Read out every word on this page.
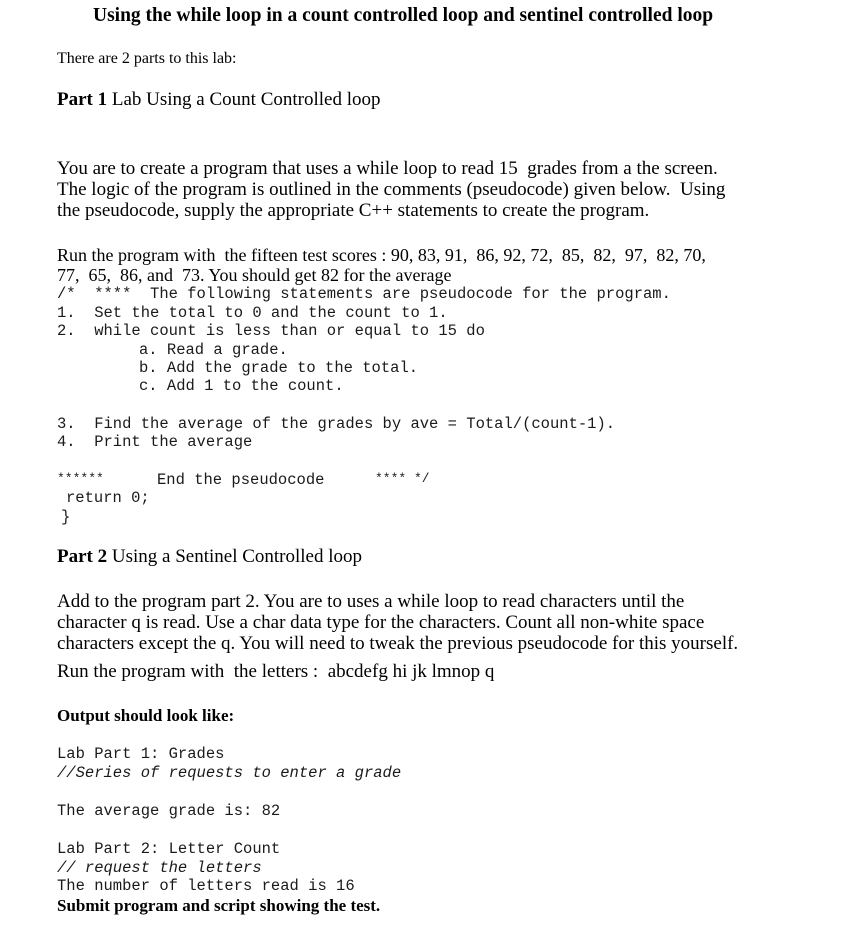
Using the while loop in a count controlled loop and sentinel controlled loop
There are 2 parts to this lab:
Part 1 Lab Using a Count Controlled loop

You are to create a program that uses a while loop to read 15  grades from a the screen.
The logic of the program is outlined in the comments (pseudocode) given below.  Using
the pseudocode, supply the appropriate C++ statements to create the program.

Run the program with  the fifteen test scores : 90, 83, 91,  86, 92, 72,  85,  82,  97,  82, 70,
77,  65,  86, and  73. You should get 82 for the average

/*  ****  The following statements are pseudocode for the program.
1.  Set the total to 0 and the count to 1.
2.  while count is less than or equal to 15 do
a. Read a grade.
b. Add the grade to the total.
c. Add 1 to the count.
3.  Find the average of the grades by ave = Total/(count-1).
4.  Print the average
******	End the pseudocode	**** */
return 0;
}
Part 2 Using a Sentinel Controlled loop

Add to the program part 2. You are to uses a while loop to read characters until the
character q is read. Use a char data type for the characters. Count all non-white space
characters except the q. You will need to tweak the previous pseudocode for this yourself.

Run the program with  the letters :  abcdefg hi jk lmnop q
Output should look like:
Lab Part 1: Grades
//Series of requests to enter a grade
The average grade is: 82
Lab Part 2: Letter Count
// request the letters
The number of letters read is 16
Submit program and script showing the test.
